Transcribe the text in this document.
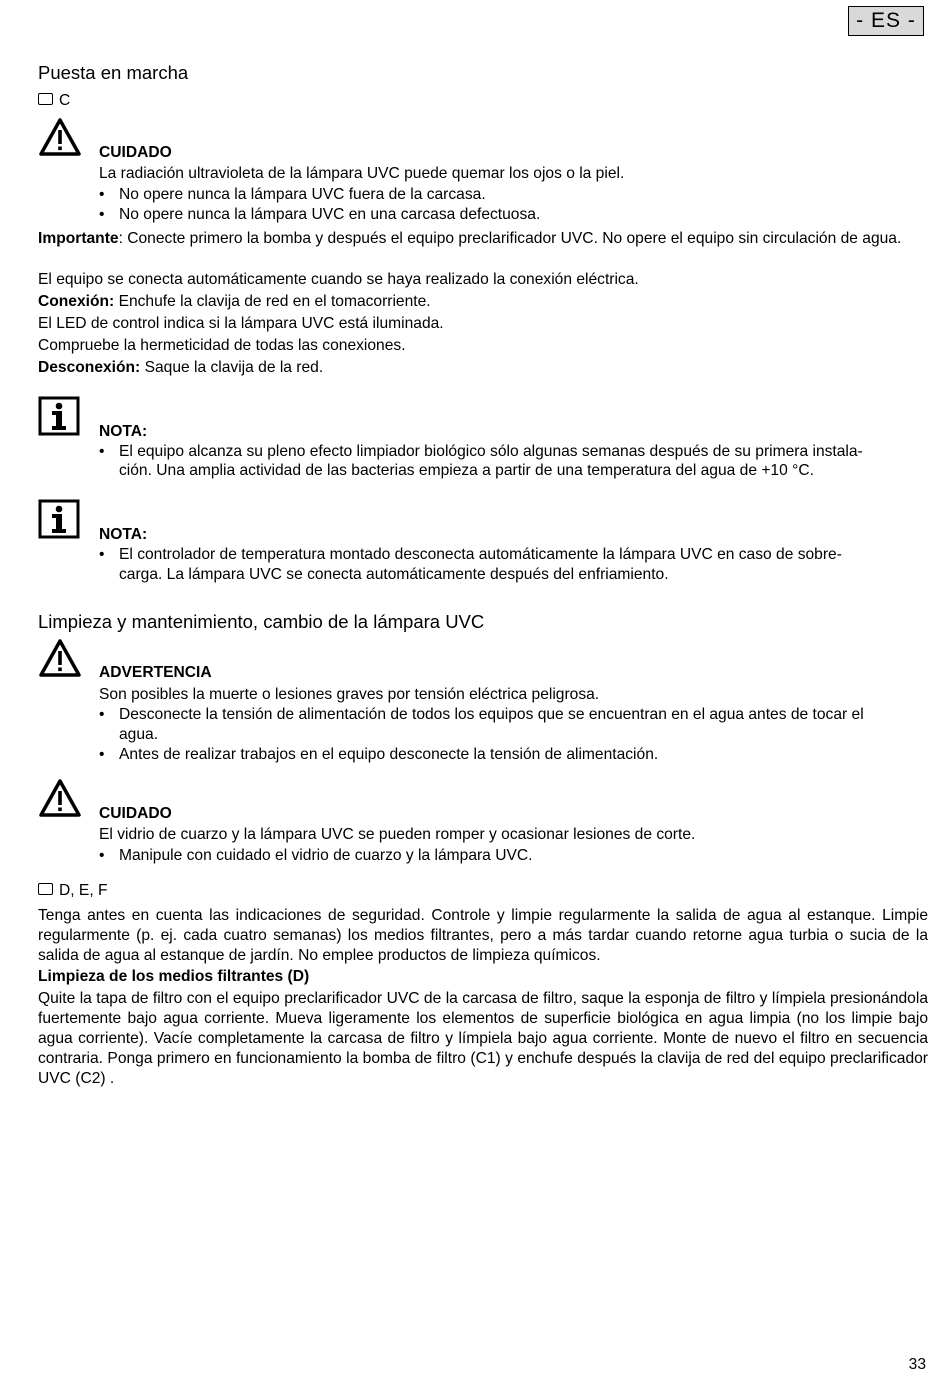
- ES -
Puesta en marcha
C
CUIDADO
La radiación ultravioleta de la lámpara UVC puede quemar los ojos o la piel.
• No opere nunca la lámpara UVC fuera de la carcasa.
• No opere nunca la lámpara UVC en una carcasa defectuosa.
Importante: Conecte primero la bomba y después el equipo preclarificador UVC. No opere el equipo sin circulación de agua.
El equipo se conecta automáticamente cuando se haya realizado la conexión eléctrica.
Conexión: Enchufe la clavija de red en el tomacorriente.
El LED de control indica si la lámpara UVC está iluminada.
Compruebe la hermeticidad de todas las conexiones.
Desconexión: Saque la clavija de la red.
NOTA:
• El equipo alcanza su pleno efecto limpiador biológico sólo algunas semanas después de su primera instala-
ción. Una amplia actividad de las bacterias empieza a partir de una temperatura del agua de +10 °C.
NOTA:
• El controlador de temperatura montado desconecta automáticamente la lámpara UVC en caso de sobre-
carga. La lámpara UVC se conecta automáticamente después del enfriamiento.
Limpieza y mantenimiento, cambio de la lámpara UVC
ADVERTENCIA
Son posibles la muerte o lesiones graves por tensión eléctrica peligrosa.
• Desconecte la tensión de alimentación de todos los equipos que se encuentran en el agua antes de tocar el
agua.
• Antes de realizar trabajos en el equipo desconecte la tensión de alimentación.
CUIDADO
El vidrio de cuarzo y la lámpara UVC se pueden romper y ocasionar lesiones de corte.
• Manipule con cuidado el vidrio de cuarzo y la lámpara UVC.
D, E, F
Tenga antes en cuenta las indicaciones de seguridad. Controle y limpie regularmente la salida de agua al estanque. Limpie regularmente (p. ej. cada cuatro semanas) los medios filtrantes, pero a más tardar cuando retorne agua turbia o sucia de la salida de agua al estanque de jardín. No emplee productos de limpieza químicos.
Limpieza de los medios filtrantes (D)
Quite la tapa de filtro con el equipo preclarificador UVC de la carcasa de filtro, saque la esponja de filtro y límpiela presionándola fuertemente bajo agua corriente. Mueva ligeramente los elementos de superficie biológica en agua limpia (no los limpie bajo agua corriente). Vacíe completamente la carcasa de filtro y límpiela bajo agua corriente. Monte de nuevo el filtro en secuencia contraria. Ponga primero en funcionamiento la bomba de filtro (C1) y enchufe después la clavija de red del equipo preclarificador UVC (C2) .
33
